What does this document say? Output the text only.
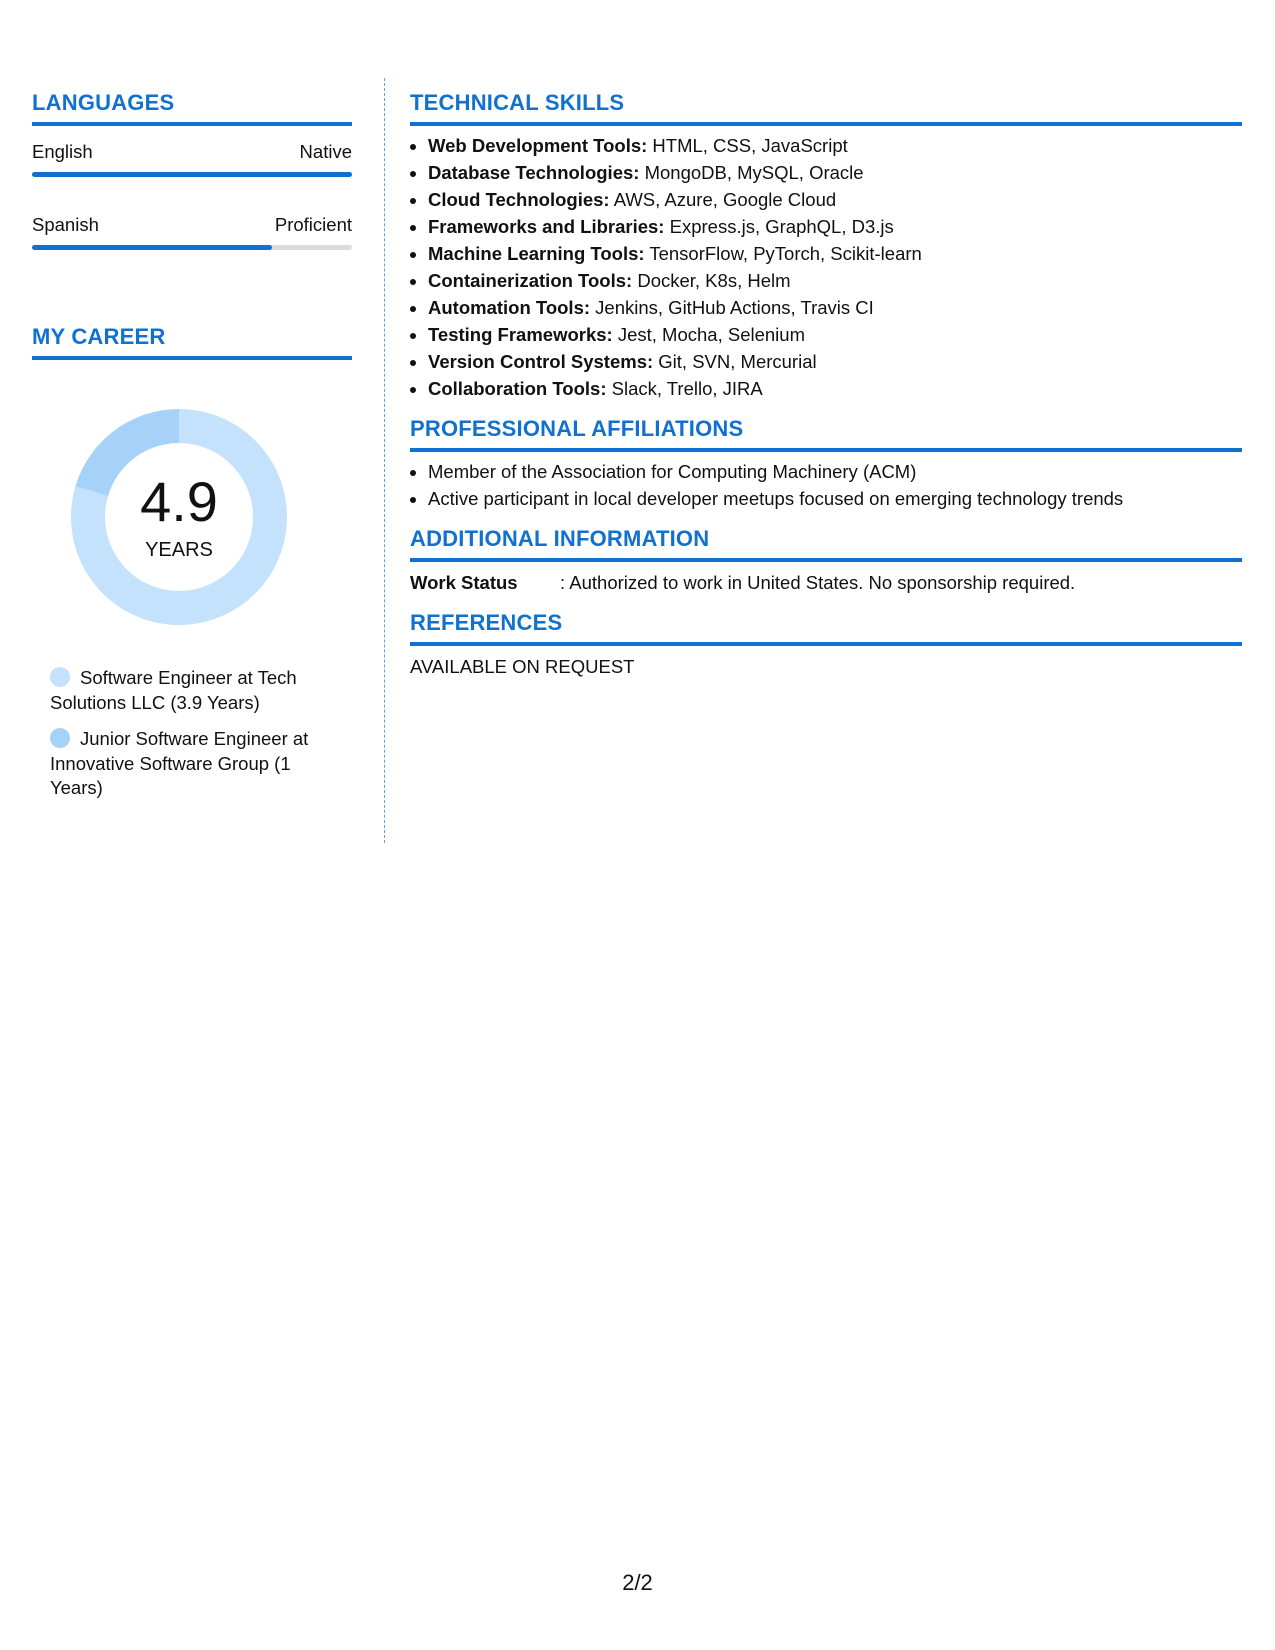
LANGUAGES
English	Native
Spanish	Proficient
MY CAREER
4.9
YEARS
Software Engineer at Tech Solutions LLC (3.9 Years)
Junior Software Engineer at Innovative Software Group (1 Years)
TECHNICAL SKILLS
• Web Development Tools: HTML, CSS, JavaScript
• Database Technologies: MongoDB, MySQL, Oracle
• Cloud Technologies: AWS, Azure, Google Cloud
• Frameworks and Libraries: Express.js, GraphQL, D3.js
• Machine Learning Tools: TensorFlow, PyTorch, Scikit-learn
• Containerization Tools: Docker, K8s, Helm
• Automation Tools: Jenkins, GitHub Actions, Travis CI
• Testing Frameworks: Jest, Mocha, Selenium
• Version Control Systems: Git, SVN, Mercurial
• Collaboration Tools: Slack, Trello, JIRA
PROFESSIONAL AFFILIATIONS
• Member of the Association for Computing Machinery (ACM)
• Active participant in local developer meetups focused on emerging technology trends
ADDITIONAL INFORMATION
Work Status	: Authorized to work in United States. No sponsorship required.
REFERENCES
AVAILABLE ON REQUEST
2/2
